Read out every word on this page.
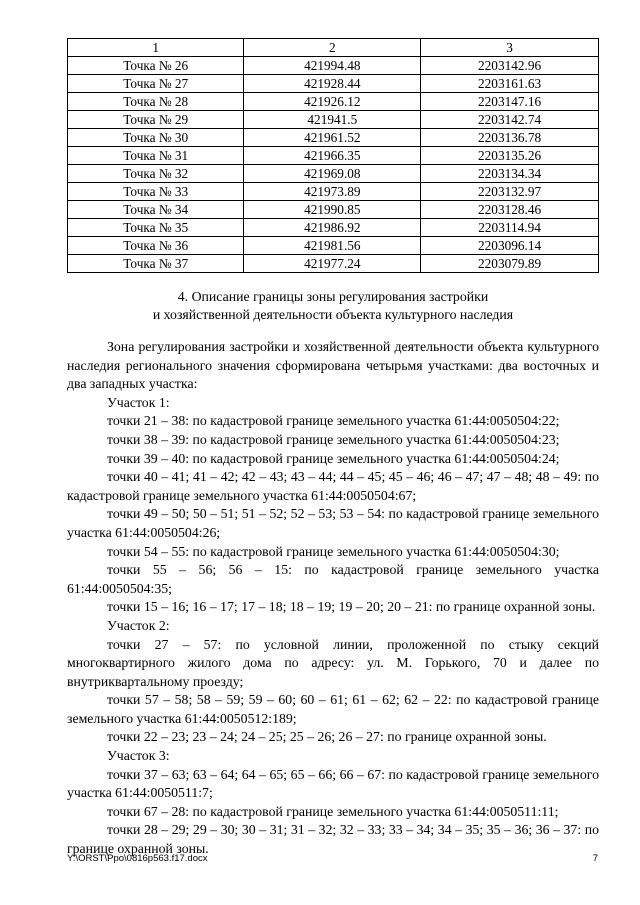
1	2	3
Точка № 26	421994.48	2203142.96
Точка № 27	421928.44	2203161.63
Точка № 28	421926.12	2203147.16
Точка № 29	421941.5	2203142.74
Точка № 30	421961.52	2203136.78
Точка № 31	421966.35	2203135.26
Точка № 32	421969.08	2203134.34
Точка № 33	421973.89	2203132.97
Точка № 34	421990.85	2203128.46
Точка № 35	421986.92	2203114.94
Точка № 36	421981.56	2203096.14
Точка № 37	421977.24	2203079.89
4. Описание границы зоны регулирования застройки
и хозяйственной деятельности объекта культурного наследия

Зона регулирования застройки и хозяйственной деятельности объекта культурного наследия регионального значения сформирована четырьмя участками: два восточных и два западных участка:

Участок 1:

точки 21 – 38: по кадастровой границе земельного участка 61:44:0050504:22;

точки 38 – 39: по кадастровой границе земельного участка 61:44:0050504:23;

точки 39 – 40: по кадастровой границе земельного участка 61:44:0050504:24;

точки 40 – 41; 41 – 42; 42 – 43; 43 – 44; 44 – 45; 45 – 46; 46 – 47; 47 – 48; 48 – 49: по кадастровой границе земельного участка 61:44:0050504:67;

точки 49 – 50; 50 – 51; 51 – 52; 52 – 53; 53 – 54: по кадастровой границе земельного участка 61:44:0050504:26;

точки 54 – 55: по кадастровой границе земельного участка 61:44:0050504:30;

точки 55 – 56; 56 – 15: по кадастровой границе земельного участка 61:44:0050504:35;

точки 15 – 16; 16 – 17; 17 – 18; 18 – 19; 19 – 20; 20 – 21: по границе охранной зоны.

Участок 2:

точки 27 – 57: по условной линии, проложенной по стыку секций многоквартирного жилого дома по адресу: ул. М. Горького, 70 и далее по внутриквартальному проезду;

точки 57 – 58; 58 – 59; 59 – 60; 60 – 61; 61 – 62; 62 – 22: по кадастровой границе земельного участка 61:44:0050512:189;

точки 22 – 23; 23 – 24; 24 – 25; 25 – 26; 26 – 27: по границе охранной зоны.

Участок 3:

точки 37 – 63; 63 – 64; 64 – 65; 65 – 66; 66 – 67: по кадастровой границе земельного участка 61:44:0050511:7;

точки 67 – 28: по кадастровой границе земельного участка 61:44:0050511:11;

точки 28 – 29; 29 – 30; 30 – 31; 31 – 32; 32 – 33; 33 – 34; 34 – 35; 35 – 36; 36 – 37: по границе охранной зоны.

Y:\ORST\Ppo\0816p563.f17.docx	7
